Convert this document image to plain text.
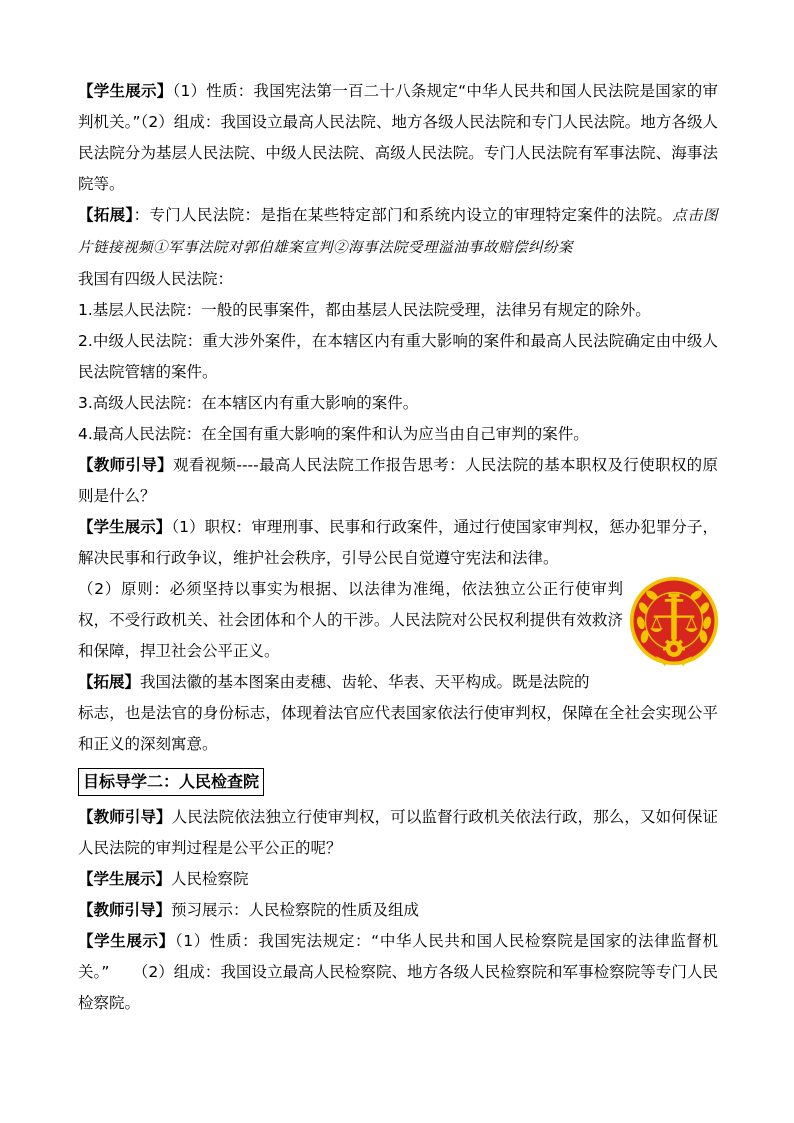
【学生展示】（1）性质：我国宪法第一百二十八条规定“中华人民共和国人民法院是国家的审判机关。”（2）组成：我国设立最高人民法院、地方各级人民法院和专门人民法院。地方各级人民法院分为基层人民法院、中级人民法院、高级人民法院。专门人民法院有军事法院、海事法院等。

【拓展】：专门人民法院：是指在某些特定部门和系统内设立的审理特定案件的法院。点击图片链接视频①军事法院对郭伯雄案宣判②海事法院受理溢油事故赔偿纠纷案

我国有四级人民法院：

1.基层人民法院：一般的民事案件，都由基层人民法院受理，法律另有规定的除外。

2.中级人民法院：重大涉外案件，在本辖区内有重大影响的案件和最高人民法院确定由中级人民法院管辖的案件。

3.高级人民法院：在本辖区内有重大影响的案件。

4.最高人民法院：在全国有重大影响的案件和认为应当由自己审判的案件。

【教师引导】观看视频----最高人民法院工作报告思考：人民法院的基本职权及行使职权的原则是什么？

【学生展示】（1）职权：审理刑事、民事和行政案件，通过行使国家审判权，惩办犯罪分子，解决民事和行政争议，维护社会秩序，引导公民自觉遵守宪法和法律。

（2）原则：必须坚持以事实为根据、以法律为准绳，依法独立公正行使审判权，不受行政机关、社会团体和个人的干涉。人民法院对公民权利提供有效救济和保障，捍卫社会公平正义。

【拓展】我国法徽的基本图案由麦穗、齿轮、华表、天平构成。既是法院的

标志，也是法官的身份标志，体现着法官应代表国家依法行使审判权，保障在全社会实现公平和正义的深刻寓意。

目标导学二：人民检查院

【教师引导】人民法院依法独立行使审判权，可以监督行政机关依法行政，那么，又如何保证人民法院的审判过程是公平公正的呢？

【学生展示】人民检察院

【教师引导】预习展示：人民检察院的性质及组成

【学生展示】（1）性质：我国宪法规定：“中华人民共和国人民检察院是国家的法律监督机关。”　　（2）组成：我国设立最高人民检察院、地方各级人民检察院和军事检察院等专门人民检察院。
